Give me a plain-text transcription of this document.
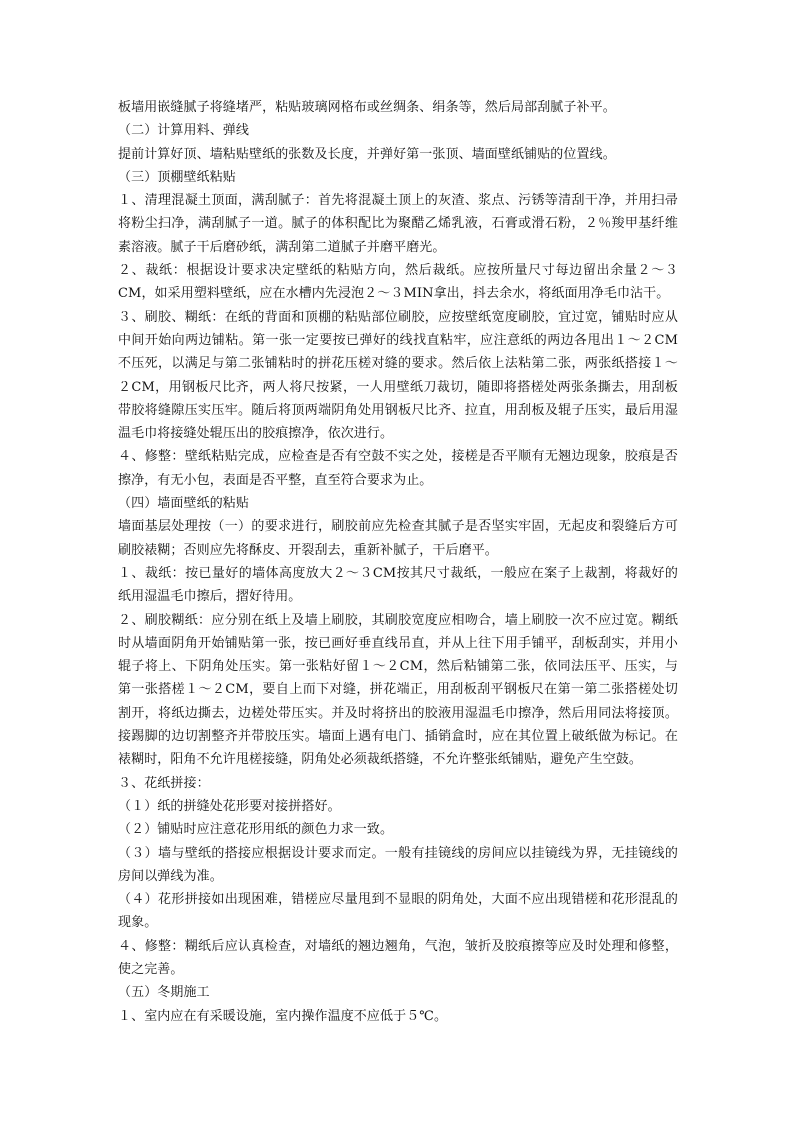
板墙用嵌缝腻子将缝堵严，粘贴玻璃网格布或丝绸条、绢条等，然后局部刮腻子补平。

（二）计算用料、弹线

提前计算好顶、墙粘贴壁纸的张数及长度，并弹好第一张顶、墙面壁纸铺贴的位置线。

（三）顶棚壁纸粘贴

１、清理混凝土顶面，满刮腻子：首先将混凝土顶上的灰渣、浆点、污锈等清刮干净，并用扫帚将粉尘扫净，满刮腻子一道。腻子的体积配比为聚醋乙烯乳液，石膏或滑石粉，２％羧甲基纤维素溶液。腻子干后磨砂纸，满刮第二道腻子并磨平磨光。

２、裁纸：根据设计要求决定壁纸的粘贴方向，然后裁纸。应按所量尺寸每边留出余量２～３CM，如采用塑料壁纸，应在水槽内先浸泡２～３MIN拿出，抖去余水，将纸面用净毛巾沾干。

３、刷胶、糊纸：在纸的背面和顶棚的粘贴部位刷胶，应按壁纸宽度刷胶，宜过宽，铺贴时应从中间开始向两边铺粘。第一张一定要按已弹好的线找直粘牢，应注意纸的两边各甩出１～２CM不压死，以满足与第二张铺粘时的拼花压槎对缝的要求。然后依上法粘第二张，两张纸搭接１～２CM，用钢板尺比齐，两人将尺按紧，一人用壁纸刀裁切，随即将搭槎处两张条撕去，用刮板带胶将缝隙压实压牢。随后将顶两端阴角处用钢板尺比齐、拉直，用刮板及辊子压实，最后用湿温毛巾将接缝处辊压出的胶痕擦净，依次进行。

４、修整：壁纸粘贴完成，应检查是否有空鼓不实之处，接槎是否平顺有无翘边现象，胶痕是否擦净，有无小包，表面是否平整，直至符合要求为止。

（四）墙面壁纸的粘贴

墙面基层处理按（一）的要求进行，刷胶前应先检查其腻子是否坚实牢固，无起皮和裂缝后方可刷胶裱糊；否则应先将酥皮、开裂刮去，重新补腻子，干后磨平。

１、裁纸：按已量好的墙体高度放大２～３CM按其尺寸裁纸，一般应在案子上裁割，将裁好的纸用湿温毛巾擦后，摺好待用。

２、刷胶糊纸：应分别在纸上及墙上刷胶，其刷胶宽度应相吻合，墙上刷胶一次不应过宽。糊纸时从墙面阴角开始铺贴第一张，按已画好垂直线吊直，并从上往下用手铺平，刮板刮实，并用小辊子将上、下阴角处压实。第一张粘好留１～２CM，然后粘铺第二张，依同法压平、压实，与第一张搭槎１～２CM，要自上而下对缝，拼花端正，用刮板刮平钢板尺在第一第二张搭槎处切割开，将纸边撕去，边槎处带压实。并及时将挤出的胶液用湿温毛巾擦净，然后用同法将接顶。接踢脚的边切割整齐并带胶压实。墙面上遇有电门、插销盒时，应在其位置上破纸做为标记。在裱糊时，阳角不允许甩槎接缝，阴角处必须裁纸搭缝，不允许整张纸铺贴，避免产生空鼓。

３、花纸拼接：

（１）纸的拼缝处花形要对接拼搭好。

（２）铺贴时应注意花形用纸的颜色力求一致。

（３）墙与壁纸的搭接应根据设计要求而定。一般有挂镜线的房间应以挂镜线为界，无挂镜线的房间以弹线为准。

（４）花形拼接如出现困难，错槎应尽量甩到不显眼的阴角处，大面不应出现错槎和花形混乱的现象。

４、修整：糊纸后应认真检查，对墙纸的翘边翘角，气泡，皱折及胶痕擦等应及时处理和修整，使之完善。

（五）冬期施工

１、室内应在有采暖设施，室内操作温度不应低于５℃。
